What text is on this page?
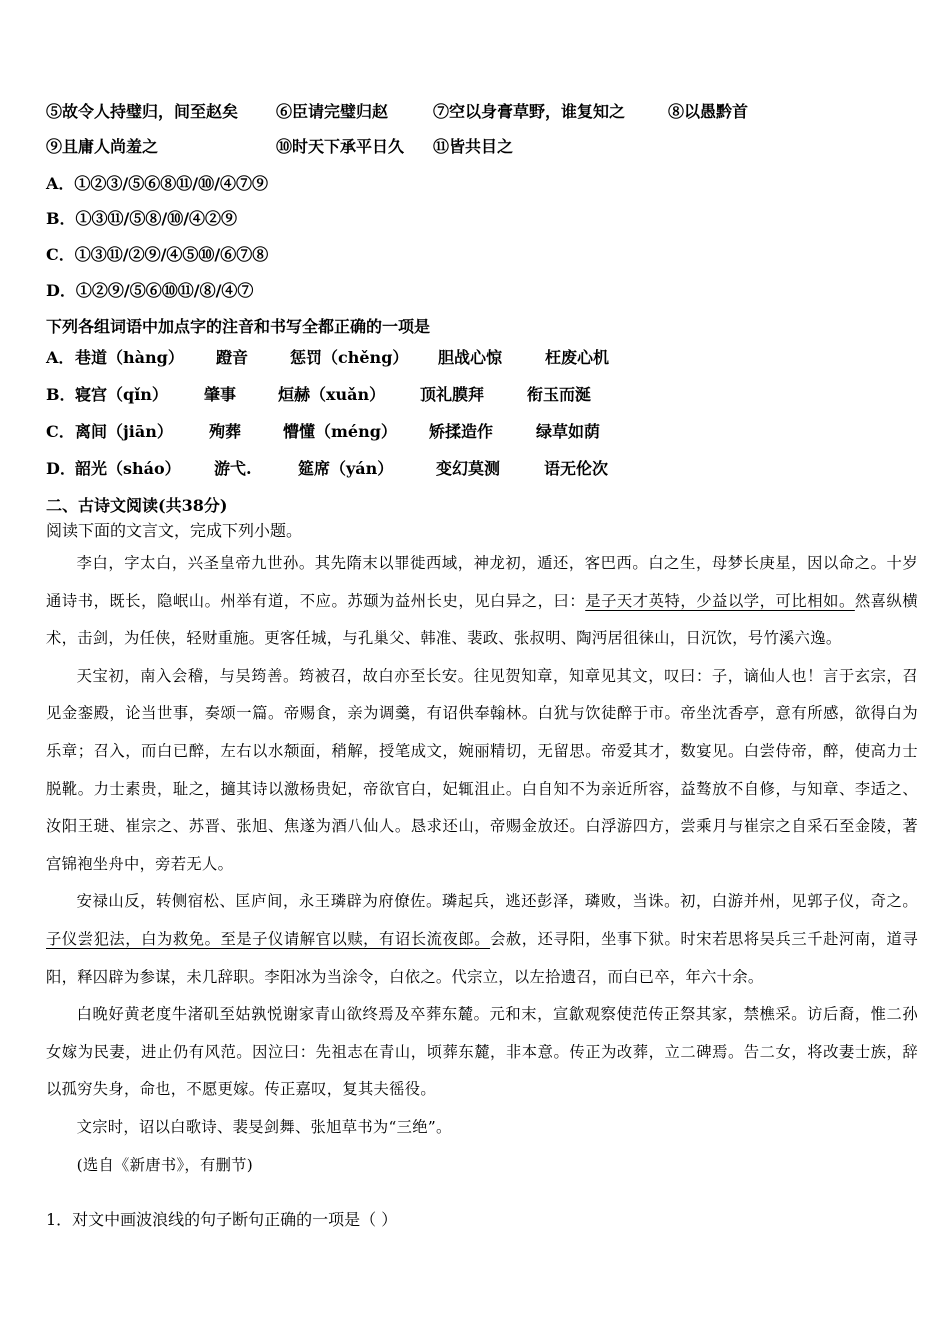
⑤故令人持璧归，间至赵矣 ⑥臣请完璧归赵	⑦空以身膏草野，谁复知之	⑧以愚黔首
⑨且庸人尚羞之	⑩时天下承平日久 ⑪皆共目之
A．①②③/⑤⑥⑧⑪/⑩/④⑦⑨
B．①③⑪/⑤⑧/⑩/④②⑨
C．①③⑪/②⑨/④⑤⑩/⑥⑦⑧
D．①②⑨/⑤⑥⑩⑪/⑧/④⑦
下列各组词语中加点字的注音和书写全都正确的一项是
A． 巷道（hàng） 蹬音	惩罚（chěng） 胆战心惊	枉废心机
B． 寝宫（qǐn） 肇事	烜赫（xuǎn） 顶礼膜拜	衔玉而涎
C． 离间（jiān） 殉葬	懵懂（méng） 矫揉造作	绿草如荫
D． 韶光（sháo） 游弋.	筵席（yán）	变幻莫测	语无伦次
二、古诗文阅读(共38分)
阅读下面的文言文，完成下列小题。

李白，字太白，兴圣皇帝九世孙。其先隋末以罪徙西域，神龙初，遁还，客巴西。白之生，母梦长庚星，因以命之。十岁通诗书，既长，隐岷山。州举有道，不应。苏颋为益州长史，见白异之，曰：是子天才英特，少益以学，可比相如。然喜纵横术，击剑，为任侠，轻财重施。更客任城，与孔巢父、韩准、裴政、张叔明、陶沔居徂徕山，日沉饮，号竹溪六逸。

天宝初，南入会稽，与吴筠善。筠被召，故白亦至长安。往见贺知章，知章见其文，叹曰：子，谪仙人也！言于玄宗，召见金銮殿，论当世事，奏颂一篇。帝赐食，亲为调羹，有诏供奉翰林。白犹与饮徒醉于市。帝坐沈香亭，意有所感，欲得白为乐章；召入，而白已醉，左右以水颒面，稍解，授笔成文，婉丽精切，无留思。帝爱其才，数宴见。白尝侍帝，醉，使高力士脱靴。力士素贵，耻之，擿其诗以激杨贵妃，帝欲官白，妃辄沮止。白自知不为亲近所容，益骜放不自修，与知章、李适之、汝阳王琎、崔宗之、苏晋、张旭、焦遂为酒八仙人。恳求还山，帝赐金放还。白浮游四方，尝乘月与崔宗之自采石至金陵，著宫锦袍坐舟中，旁若无人。

安禄山反，转侧宿松、匡庐间，永王璘辟为府僚佐。璘起兵，逃还彭泽，璘败，当诛。初，白游并州，见郭子仪，奇之。子仪尝犯法，白为救免。至是子仪请解官以赎，有诏长流夜郎。会赦，还寻阳，坐事下狱。时宋若思将吴兵三千赴河南，道寻阳，释囚辟为参谋，未几辞职。李阳冰为当涂令，白依之。代宗立，以左拾遗召，而白已卒，年六十余。

白晚好黄老度牛渚矶至姑孰悦谢家青山欲终焉及卒葬东麓。元和末，宣歙观察使范传正祭其家，禁樵采。访后裔，惟二孙女嫁为民妻，进止仍有风范。因泣曰：先祖志在青山，顷葬东麓，非本意。传正为改葬，立二碑焉。告二女，将改妻士族，辞以孤穷失身，命也，不愿更嫁。传正嘉叹，复其夫徭役。

文宗时，诏以白歌诗、裴旻剑舞、张旭草书为“三绝”。

(选自《新唐书》，有删节)

1．对文中画波浪线的句子断句正确的一项是（ ）
